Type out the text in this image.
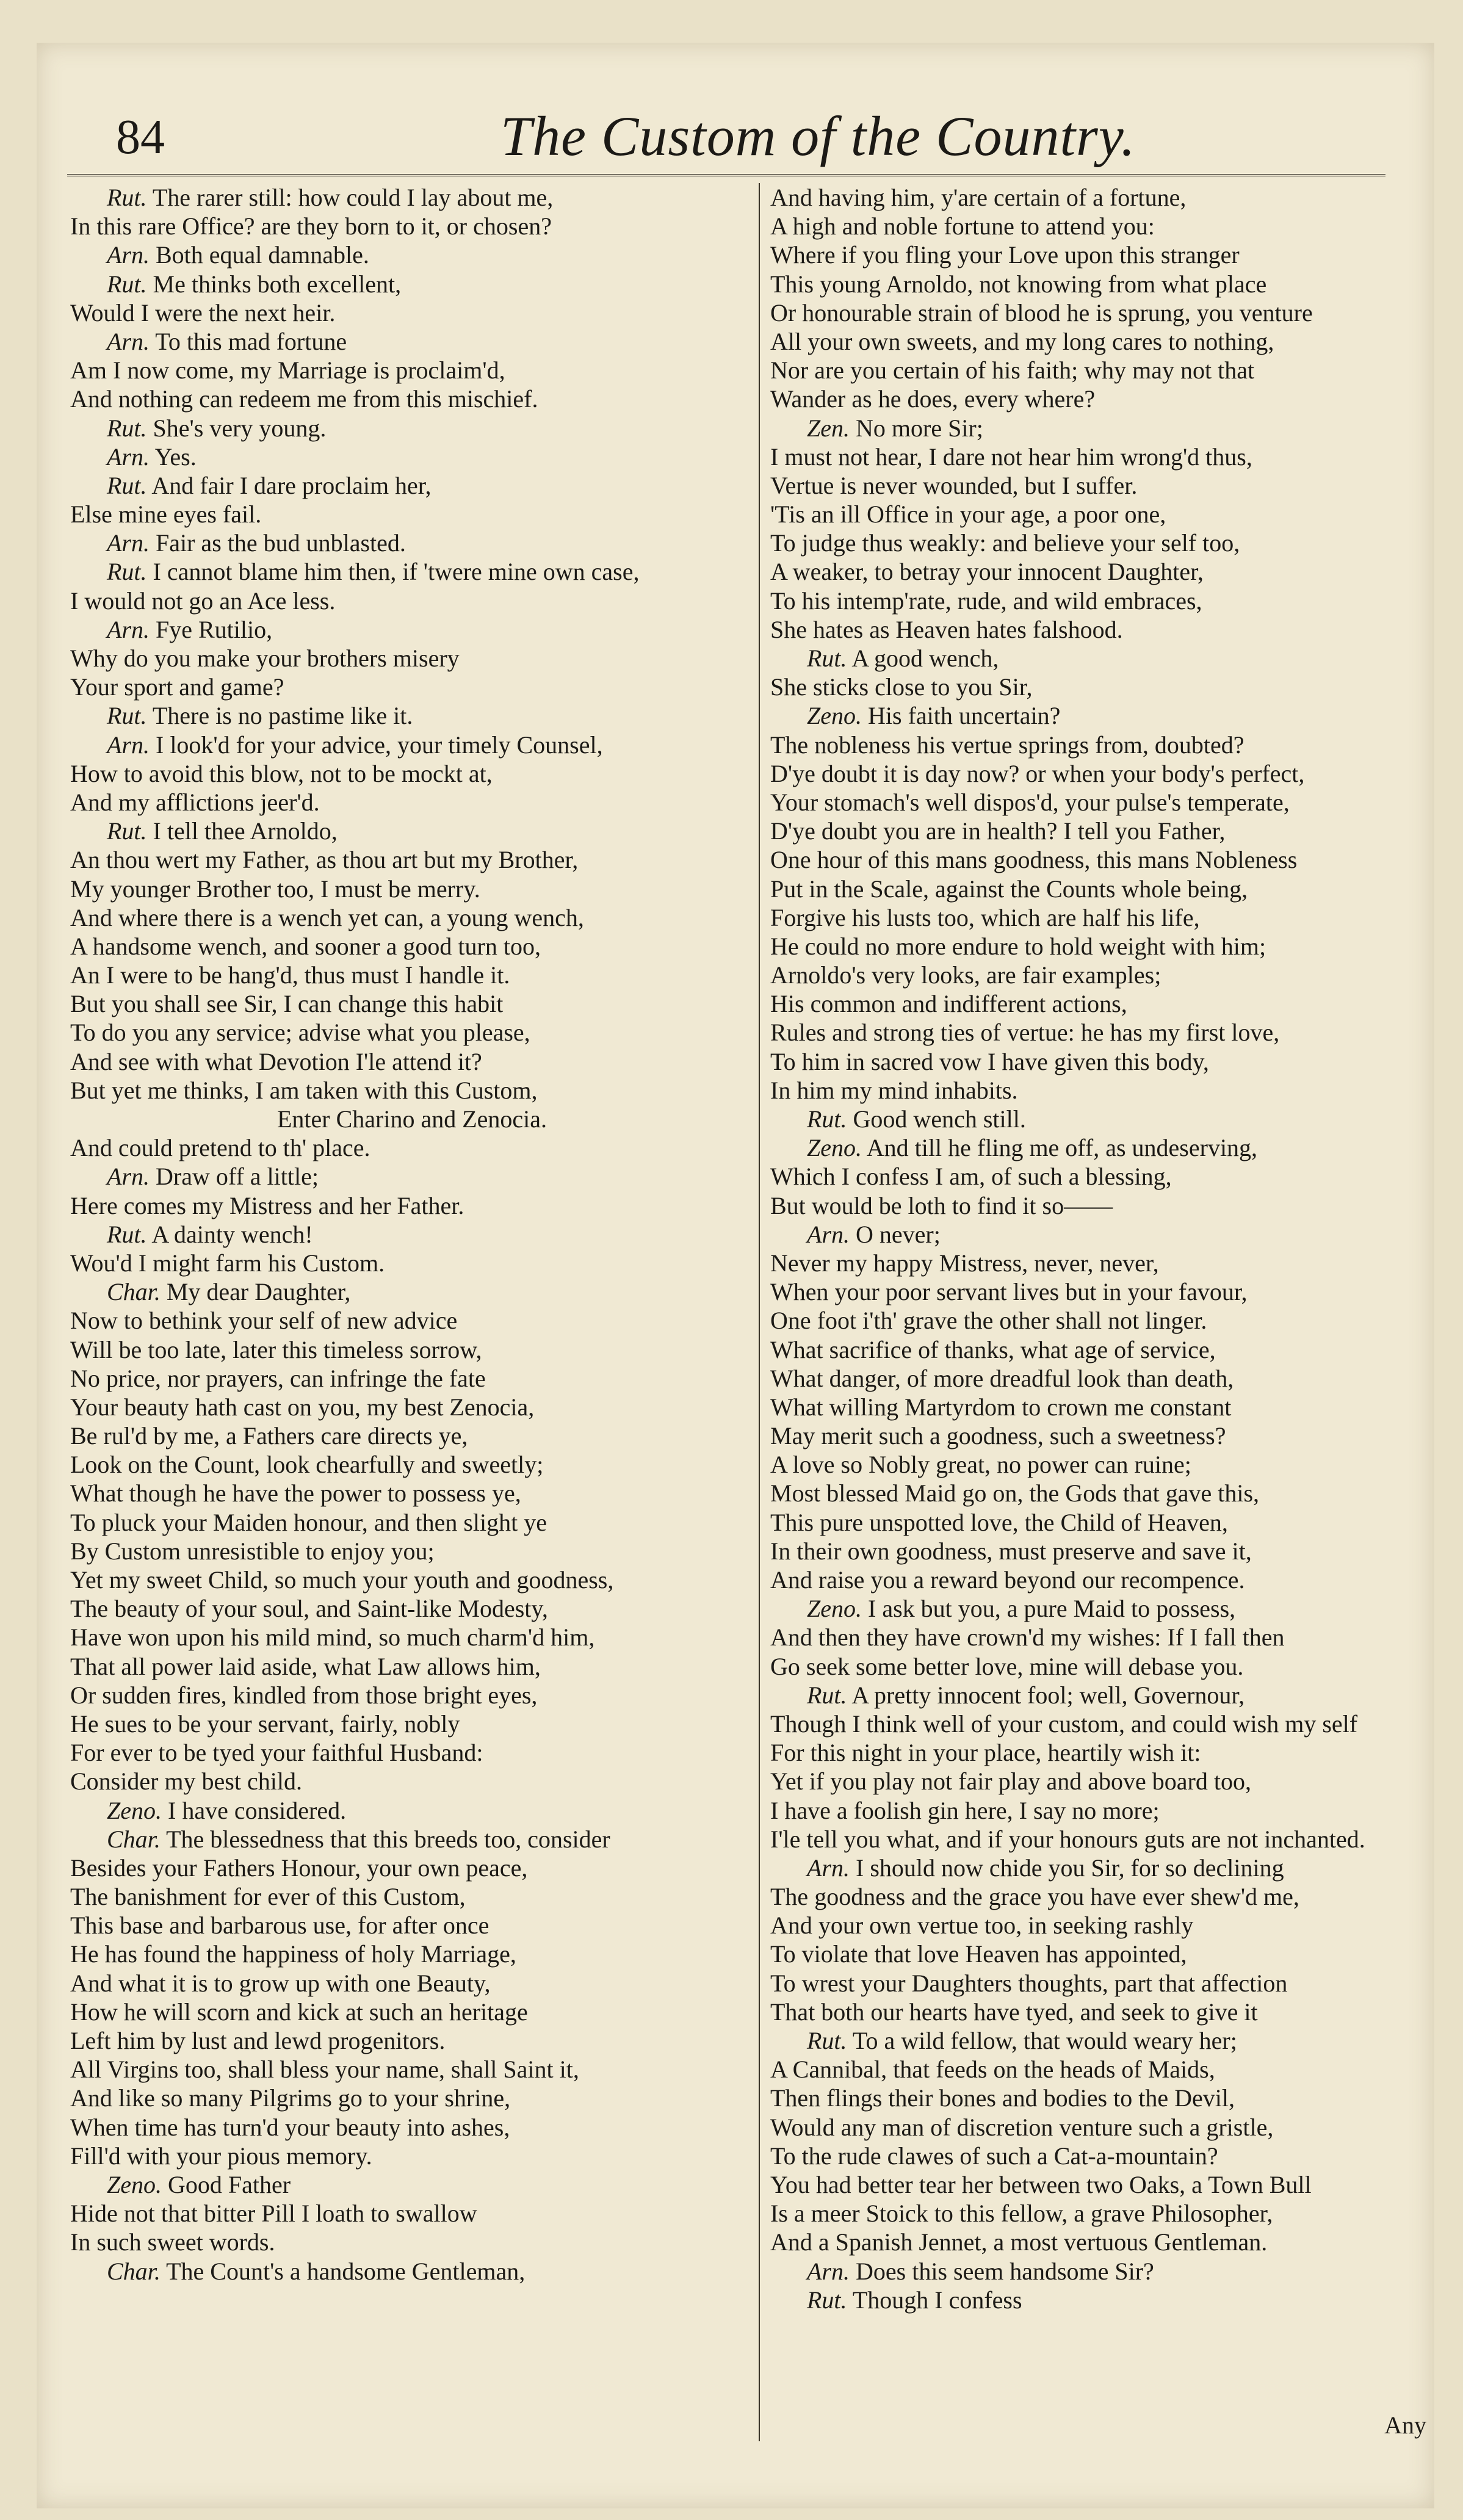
84	The Custom of the Country.
Rut. The rarer still: how could I lay about me,
In this rare Office? are they born to it, or chosen?
Arn. Both equal damnable.
Rut. Me thinks both excellent,
Would I were the next heir.
Arn. To this mad fortune
Am I now come, my Marriage is proclaim'd,
And nothing can redeem me from this mischief.
Rut. She's very young.
Arn. Yes.
Rut. And fair I dare proclaim her,
Else mine eyes fail.
Arn. Fair as the bud unblasted.
Rut. I cannot blame him then, if 'twere mine own case,
I would not go an Ace less.
Arn. Fye Rutilio,
Why do you make your brothers misery
Your sport and game?
Rut. There is no pastime like it.
Arn. I look'd for your advice, your timely Counsel,
How to avoid this blow, not to be mockt at,
And my afflictions jeer'd.
Rut. I tell thee Arnoldo,
An thou wert my Father, as thou art but my Brother,
My younger Brother too, I must be merry.
And where there is a wench yet can, a young wench,
A handsome wench, and sooner a good turn too,
An I were to be hang'd, thus must I handle it.
But you shall see Sir, I can change this habit
To do you any service; advise what you please,
And see with what Devotion I'le attend it?
But yet me thinks, I am taken with this Custom,
Enter Charino and Zenocia.
And could pretend to th' place.
Arn. Draw off a little;
Here comes my Mistress and her Father.
Rut. A dainty wench!
Wou'd I might farm his Custom.
Char. My dear Daughter,
Now to bethink your self of new advice
Will be too late, later this timeless sorrow,
No price, nor prayers, can infringe the fate
Your beauty hath cast on you, my best Zenocia,
Be rul'd by me, a Fathers care directs ye,
Look on the Count, look chearfully and sweetly;
What though he have the power to possess ye,
To pluck your Maiden honour, and then slight ye
By Custom unresistible to enjoy you;
Yet my sweet Child, so much your youth and goodness,
The beauty of your soul, and Saint-like Modesty,
Have won upon his mild mind, so much charm'd him,
That all power laid aside, what Law allows him,
Or sudden fires, kindled from those bright eyes,
He sues to be your servant, fairly, nobly
For ever to be tyed your faithful Husband:
Consider my best child.
Zeno. I have considered.
Char. The blessedness that this breeds too, consider
Besides your Fathers Honour, your own peace,
The banishment for ever of this Custom,
This base and barbarous use, for after once
He has found the happiness of holy Marriage,
And what it is to grow up with one Beauty,
How he will scorn and kick at such an heritage
Left him by lust and lewd progenitors.
All Virgins too, shall bless your name, shall Saint it,
And like so many Pilgrims go to your shrine,
When time has turn'd your beauty into ashes,
Fill'd with your pious memory.
Zeno. Good Father
Hide not that bitter Pill I loath to swallow
In such sweet words.
Char. The Count's a handsome Gentleman,
And having him, y'are certain of a fortune,
A high and noble fortune to attend you:
Where if you fling your Love upon this stranger
This young Arnoldo, not knowing from what place
Or honourable strain of blood he is sprung, you venture
All your own sweets, and my long cares to nothing,
Nor are you certain of his faith; why may not that
Wander as he does, every where?
Zen. No more Sir;
I must not hear, I dare not hear him wrong'd thus,
Vertue is never wounded, but I suffer.
'Tis an ill Office in your age, a poor one,
To judge thus weakly: and believe your self too,
A weaker, to betray your innocent Daughter,
To his intemp'rate, rude, and wild embraces,
She hates as Heaven hates falshood.
Rut. A good wench,
She sticks close to you Sir,
Zeno. His faith uncertain?
The nobleness his vertue springs from, doubted?
D'ye doubt it is day now? or when your body's perfect,
Your stomach's well dispos'd, your pulse's temperate,
D'ye doubt you are in health? I tell you Father,
One hour of this mans goodness, this mans Nobleness
Put in the Scale, against the Counts whole being,
Forgive his lusts too, which are half his life,
He could no more endure to hold weight with him;
Arnoldo's very looks, are fair examples;
His common and indifferent actions,
Rules and strong ties of vertue: he has my first love,
To him in sacred vow I have given this body,
In him my mind inhabits.
Rut. Good wench still.
Zeno. And till he fling me off, as undeserving,
Which I confess I am, of such a blessing,
But would be loth to find it so——
Arn. O never;
Never my happy Mistress, never, never,
When your poor servant lives but in your favour,
One foot i'th' grave the other shall not linger.
What sacrifice of thanks, what age of service,
What danger, of more dreadful look than death,
What willing Martyrdom to crown me constant
May merit such a goodness, such a sweetness?
A love so Nobly great, no power can ruine;
Most blessed Maid go on, the Gods that gave this,
This pure unspotted love, the Child of Heaven,
In their own goodness, must preserve and save it,
And raise you a reward beyond our recompence.
Zeno. I ask but you, a pure Maid to possess,
And then they have crown'd my wishes: If I fall then
Go seek some better love, mine will debase you.
Rut. A pretty innocent fool; well, Governour,
Though I think well of your custom, and could wish my self
For this night in your place, heartily wish it:
Yet if you play not fair play and above board too,
I have a foolish gin here, I say no more;
I'le tell you what, and if your honours guts are not inchanted.
Arn. I should now chide you Sir, for so declining
The goodness and the grace you have ever shew'd me,
And your own vertue too, in seeking rashly
To violate that love Heaven has appointed,
To wrest your Daughters thoughts, part that affection
That both our hearts have tyed, and seek to give it
Rut. To a wild fellow, that would weary her;
A Cannibal, that feeds on the heads of Maids,
Then flings their bones and bodies to the Devil,
Would any man of discretion venture such a gristle,
To the rude clawes of such a Cat-a-mountain?
You had better tear her between two Oaks, a Town Bull
Is a meer Stoick to this fellow, a grave Philosopher,
And a Spanish Jennet, a most vertuous Gentleman.
Arn. Does this seem handsome Sir?
Rut. Though I confess
Any
